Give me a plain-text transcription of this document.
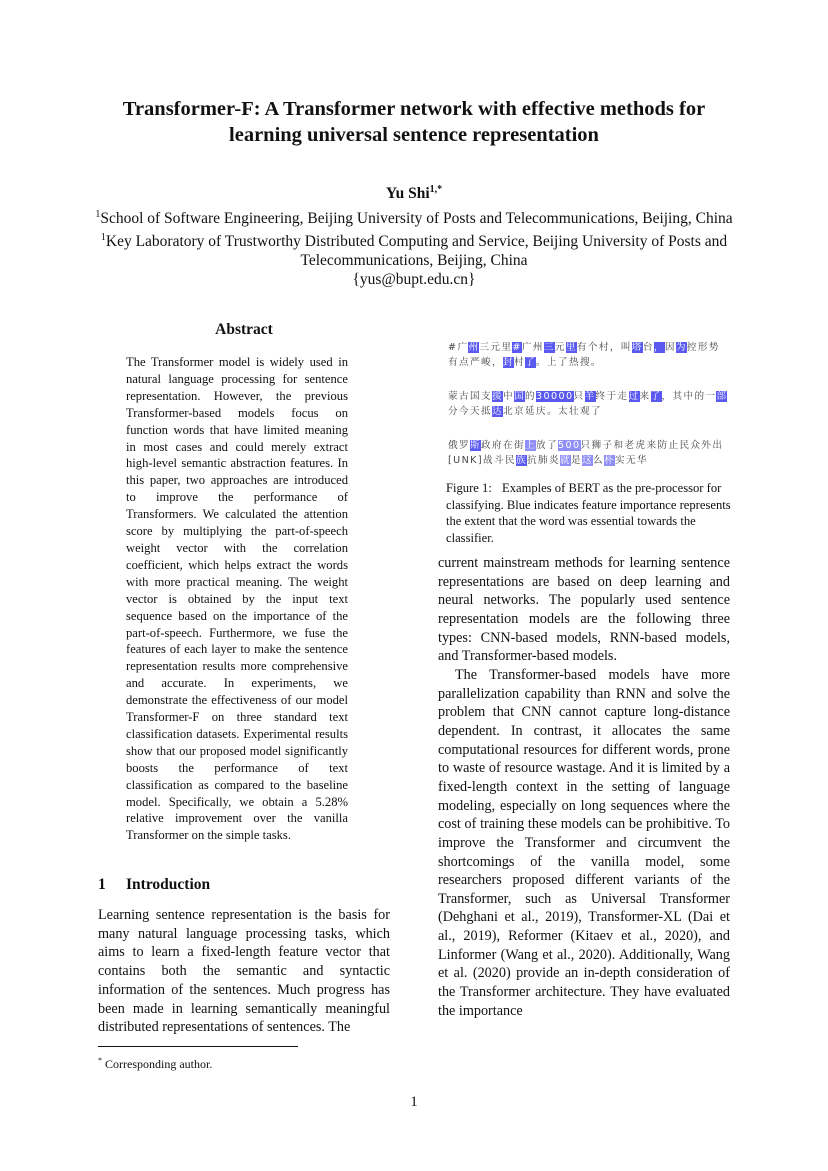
Transformer-F: A Transformer network with effective methods for
learning universal sentence representation
Yu Shi$^{1,*}$
$^1$School of Software Engineering, Beijing University of Posts and Telecommunications, Beijing, China
$^1$Key Laboratory of Trustworthy Distributed Computing and Service, Beijing University of Posts and
Telecommunications, Beijing, China
{yus@bupt.edu.cn}
Abstract
The Transformer model is widely used in natural language processing for sentence representation. However, the previous Transformer-based models focus on function words that have limited meaning in most cases and could merely extract high-level semantic abstraction features. In this paper, two approaches are introduced to improve the performance of Transformers. We calculated the attention score by multiplying the part-of-speech weight vector with the correlation coefficient, which helps extract the words with more practical meaning. The weight vector is obtained by the input text sequence based on the importance of the part-of-speech. Furthermore, we fuse the features of each layer to make the sentence representation results more comprehensive and accurate. In experiments, we demonstrate the effectiveness of our model Transformer-F on three standard text classification datasets. Experimental results show that our proposed model significantly boosts the performance of text classification as compared to the baseline model. Specifically, we obtain a 5.28% relative improvement over the vanilla Transformer on the simple tasks.
1 Introduction
Learning sentence representation is the basis for many natural language processing tasks, which aims to learn a fixed-length feature vector that contains both the semantic and syntactic information of the sentences. Much progress has been made in learning semantically meaningful distributed representations of sentences. The
* Corresponding author.
1
#广州三元里#广州三元里有个村，叫塔台，因为控形势
有点严峻，封村了。上了热搜。
蒙古国支援中国的30000只羊终于走过来了，其中的一部
分今天抵达北京延庆。太壮观了
俄罗斯政府在街上放了500只狮子和老虎来防止民众外出
[UNK]战斗民族抗肺炎就是这么朴实无华
Figure 1: Examples of BERT as the pre-processor for classifying. Blue indicates feature importance represents the extent that the word was essential towards the classifier.

current mainstream methods for learning sentence representations are based on deep learning and neural networks. The popularly used sentence representation models are the following three types: CNN-based models, RNN-based models, and Transformer-based models.

The Transformer-based models have more parallelization capability than RNN and solve the problem that CNN cannot capture long-distance dependent. In contrast, it allocates the same computational resources for different words, prone to waste of resource wastage. And it is limited by a fixed-length context in the setting of language modeling, especially on long sequences where the cost of training these models can be prohibitive. To improve the Transformer and circumvent the shortcomings of the vanilla model, some researchers proposed different variants of the Transformer, such as Universal Transformer (Dehghani et al., 2019), Transformer-XL (Dai et al., 2019), Reformer (Kitaev et al., 2020), and Linformer (Wang et al., 2020). Additionally, Wang et al. (2020) provide an in-depth consideration of the Transformer architecture. They have evaluated the importance
